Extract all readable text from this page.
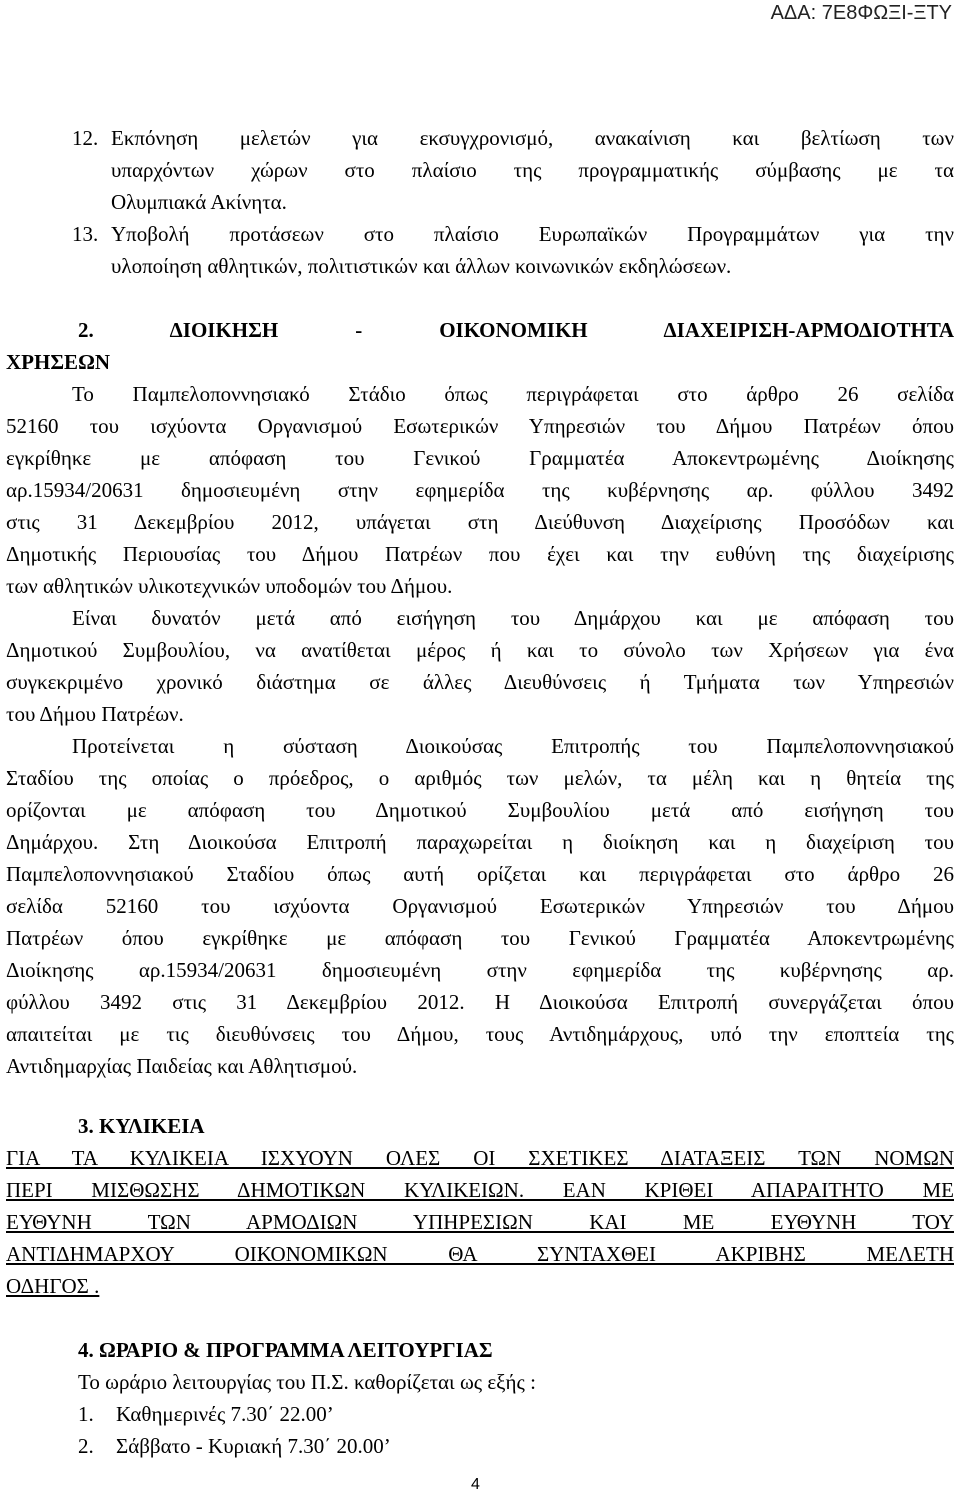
ΑΔΑ: 7Ε8ΦΩΞΙ-ΞΤΥ
12. Εκπόνηση μελετών για εκσυγχρονισμό, ανακαίνιση και βελτίωση των
υπαρχόντων χώρων στο πλαίσιο της προγραμματικής σύμβασης με τα
Ολυμπιακά Ακίνητα.
13. Υποβολή προτάσεων στο πλαίσιο Ευρωπαϊκών Προγραμμάτων για την
υλοποίηση αθλητικών, πολιτιστικών και άλλων κοινωνικών εκδηλώσεων.
2. ΔΙΟΙΚΗΣΗ - ΟΙΚΟΝΟΜΙΚΗ ΔΙΑΧΕΙΡΙΣΗ-ΑΡΜΟΔΙΟΤΗΤΑ
ΧΡΗΣΕΩΝ
Το Παμπελοποννησιακό Στάδιο όπως περιγράφεται στο άρθρο 26 σελίδα
52160 του ισχύοντα Οργανισμού Εσωτερικών Υπηρεσιών του Δήμου Πατρέων όπου
εγκρίθηκε με απόφαση του Γενικού Γραμματέα Αποκεντρωμένης Διοίκησης
αρ.15934/20631 δημοσιευμένη στην εφημερίδα της κυβέρνησης αρ. φύλλου 3492
στις 31 Δεκεμβρίου 2012, υπάγεται στη Διεύθυνση Διαχείρισης Προσόδων και
Δημοτικής Περιουσίας του Δήμου Πατρέων που έχει και την ευθύνη της διαχείρισης
των αθλητικών υλικοτεχνικών υποδομών του Δήμου.
Είναι δυνατόν μετά από εισήγηση του Δημάρχου και με απόφαση του
Δημοτικού Συμβουλίου, να ανατίθεται μέρος ή και το σύνολο των Χρήσεων για ένα
συγκεκριμένο χρονικό διάστημα σε άλλες Διευθύνσεις ή Τμήματα των Υπηρεσιών
του Δήμου Πατρέων.
Προτείνεται η σύσταση Διοικούσας Επιτροπής του Παμπελοποννησιακού
Σταδίου της οποίας ο πρόεδρος, ο αριθμός των μελών, τα μέλη και η θητεία της
ορίζονται με απόφαση του Δημοτικού Συμβουλίου μετά από εισήγηση του
Δημάρχου. Στη Διοικούσα Επιτροπή παραχωρείται η διοίκηση και η διαχείριση του
Παμπελοποννησιακού Σταδίου όπως αυτή ορίζεται και περιγράφεται στο άρθρο 26
σελίδα 52160 του ισχύοντα Οργανισμού Εσωτερικών Υπηρεσιών του Δήμου
Πατρέων όπου εγκρίθηκε με απόφαση του Γενικού Γραμματέα Αποκεντρωμένης
Διοίκησης αρ.15934/20631 δημοσιευμένη στην εφημερίδα της κυβέρνησης αρ.
φύλλου 3492 στις 31 Δεκεμβρίου 2012. Η Διοικούσα Επιτροπή συνεργάζεται όπου
απαιτείται με τις διευθύνσεις του Δήμου, τους Αντιδημάρχους, υπό την εποπτεία της
Αντιδημαρχίας Παιδείας και Αθλητισμού.
3. ΚΥΛΙΚΕΙΑ
ΓΙΑ ΤΑ ΚΥΛΙΚΕΙΑ ΙΣΧΥΟΥΝ ΟΛΕΣ ΟΙ ΣΧΕΤΙΚΕΣ ΔΙΑΤΑΞΕΙΣ ΤΩΝ ΝΟΜΩΝ
ΠΕΡΙ ΜΙΣΘΩΣΗΣ ΔΗΜΟΤΙΚΩΝ ΚΥΛΙΚΕΙΩΝ. ΕΑΝ ΚΡΙΘΕΙ ΑΠΑΡΑΙΤΗΤΟ ΜΕ
ΕΥΘΥΝΗ ΤΩΝ ΑΡΜΟΔΙΩΝ ΥΠΗΡΕΣΙΩΝ ΚΑΙ ΜΕ ΕΥΘΥΝΗ ΤΟΥ
ΑΝΤΙΔΗΜΑΡΧΟΥ ΟΙΚΟΝΟΜΙΚΩΝ ΘΑ ΣΥΝΤΑΧΘΕΙ ΑΚΡΙΒΗΣ ΜΕΛΕΤΗ
ΟΔΗΓΟΣ .
4. ΩΡΑΡΙΟ & ΠΡΟΓΡΑΜΜΑ ΛΕΙΤΟΥΡΓΙΑΣ
Το ωράριο λειτουργίας του Π.Σ. καθορίζεται ως εξής :
1. Καθημερινές 7.30΄ 22.00’
2. Σάββατο - Κυριακή 7.30΄ 20.00’
4
